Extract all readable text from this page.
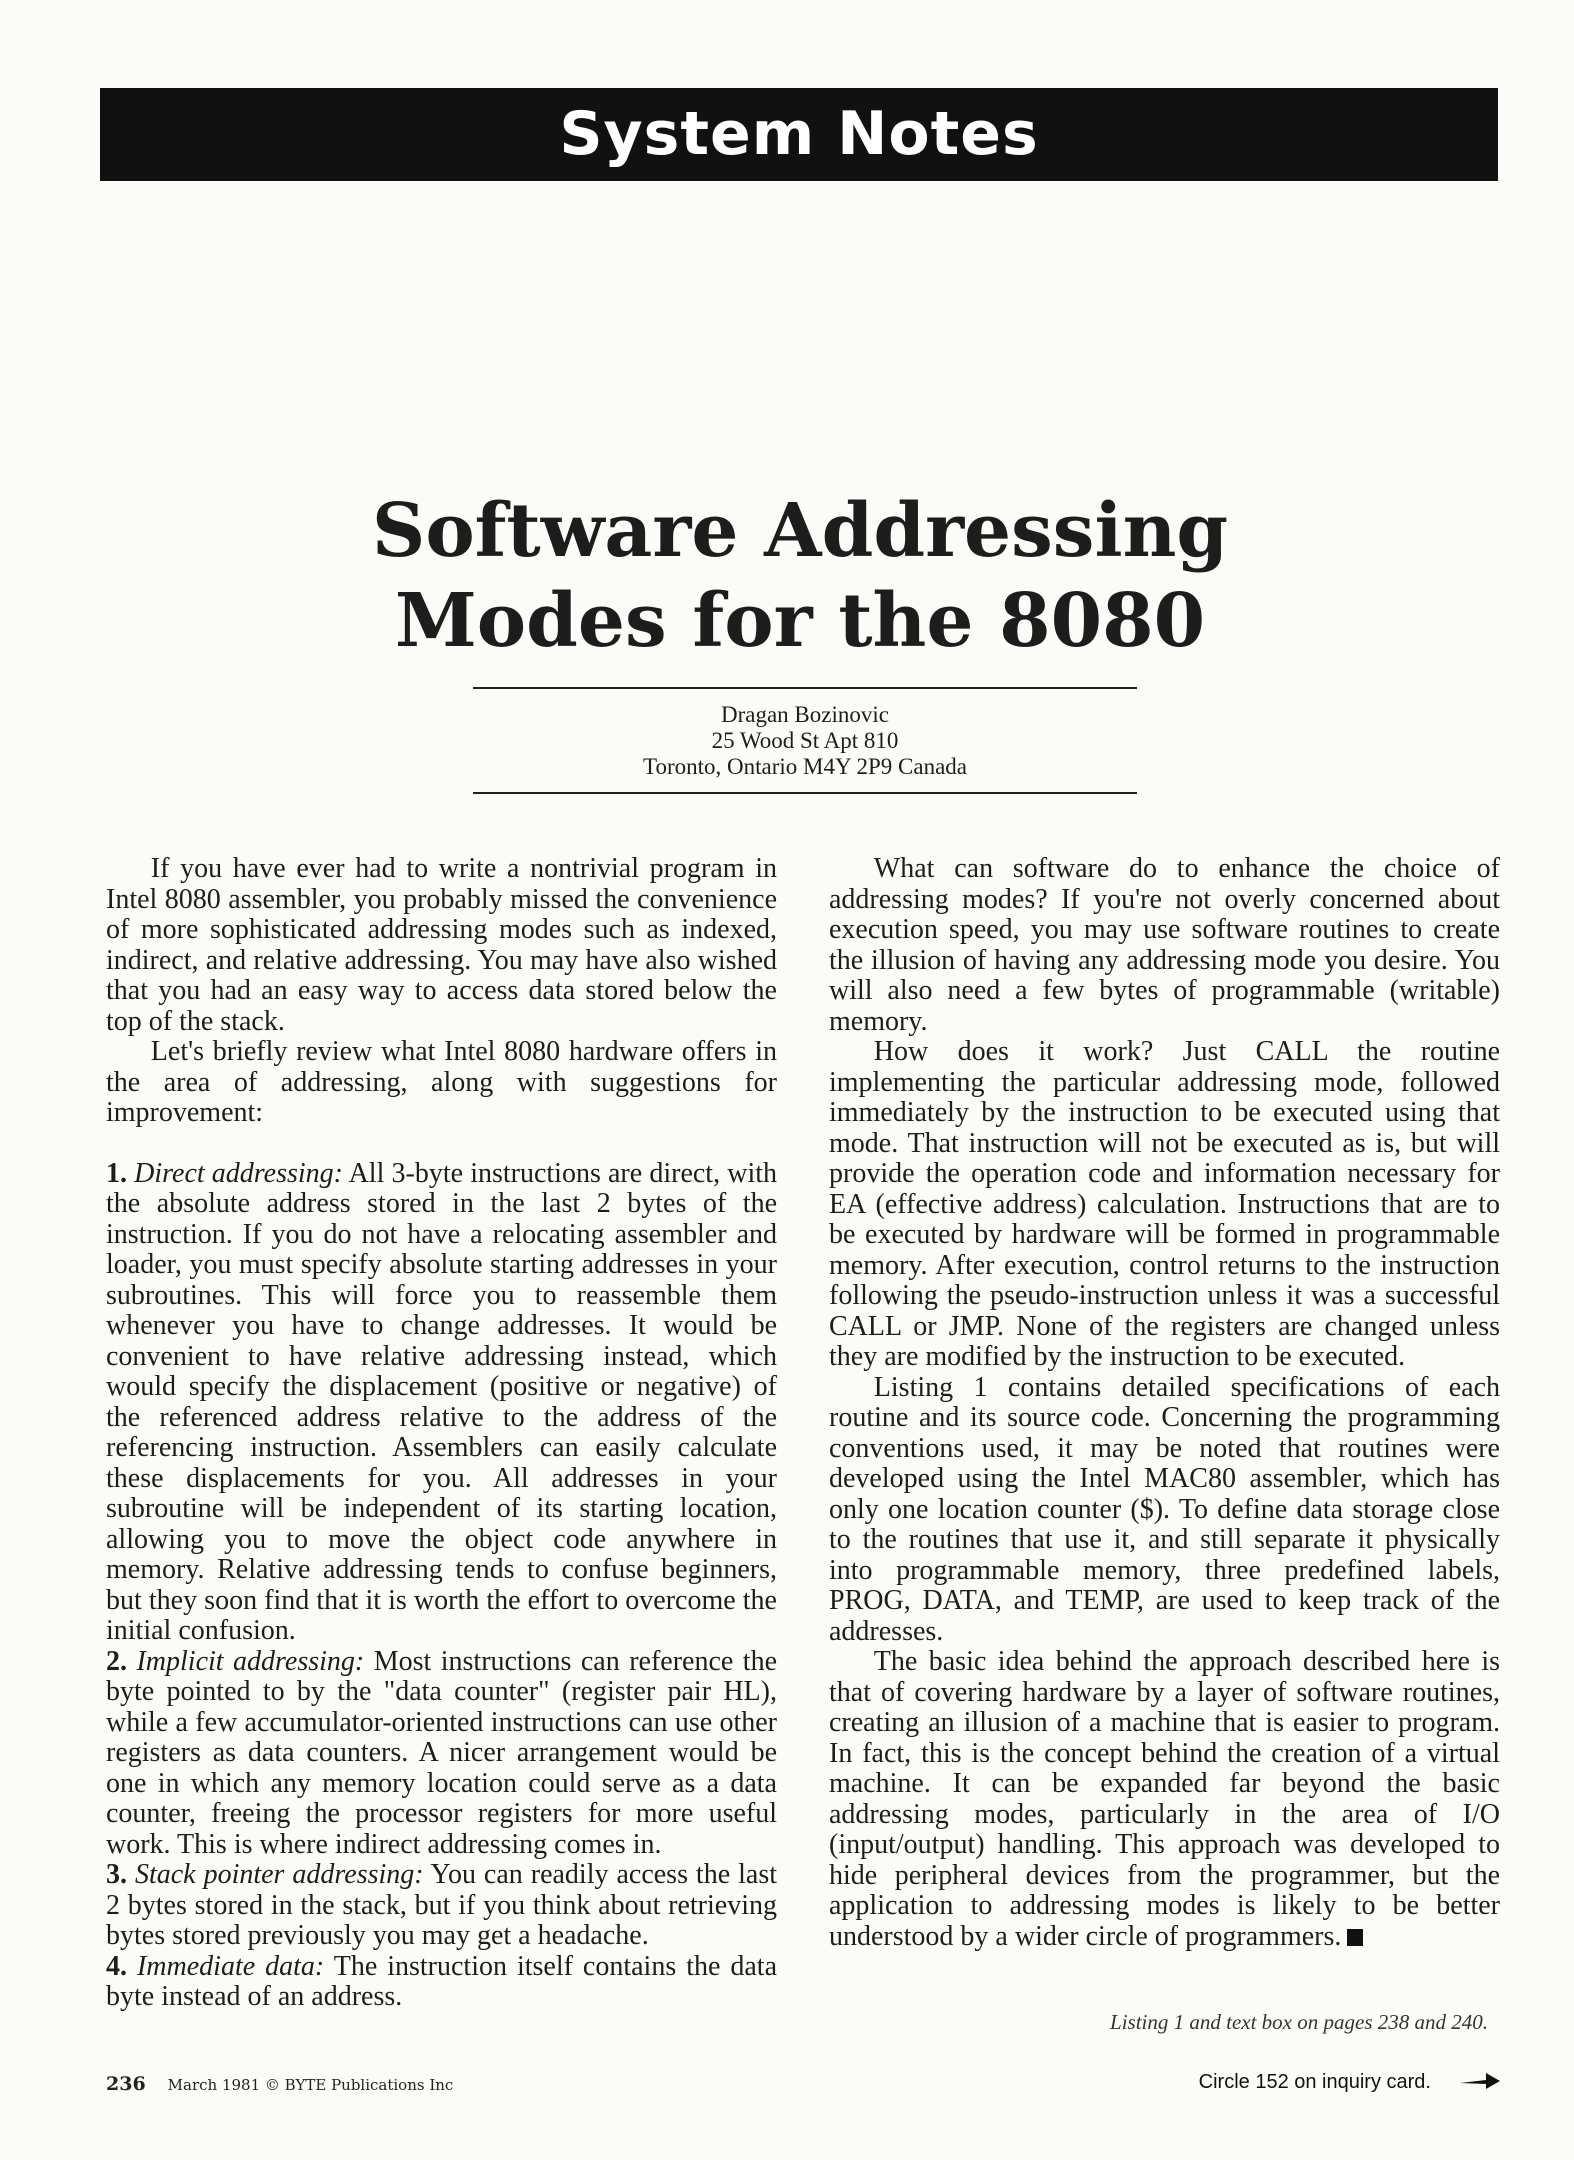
System Notes
Software Addressing
Modes for the 8080
Dragan Bozinovic
25 Wood St Apt 810
Toronto, Ontario M4Y 2P9 Canada

If you have ever had to write a nontrivial program in Intel 8080 assembler, you probably missed the convenience of more sophisticated addressing modes such as indexed, indirect, and relative addressing. You may have also wished that you had an easy way to access data stored below the top of the stack.

Let's briefly review what Intel 8080 hardware offers in the area of addressing, along with suggestions for improvement:

1. Direct addressing: All 3-byte instructions are direct, with the absolute address stored in the last 2 bytes of the instruction. If you do not have a relocating assembler and loader, you must specify absolute starting addresses in your subroutines. This will force you to reassemble them whenever you have to change addresses. It would be convenient to have relative addressing instead, which would specify the displacement (positive or negative) of the referenced address relative to the address of the referencing instruction. Assemblers can easily calculate these displacements for you. All addresses in your subroutine will be independent of its starting location, allowing you to move the object code anywhere in memory. Relative addressing tends to confuse beginners, but they soon find that it is worth the effort to overcome the initial confusion.

2. Implicit addressing: Most instructions can reference the byte pointed to by the "data counter" (register pair HL), while a few accumulator-oriented instructions can use other registers as data counters. A nicer arrangement would be one in which any memory location could serve as a data counter, freeing the processor registers for more useful work. This is where indirect addressing comes in.

3. Stack pointer addressing: You can readily access the last 2 bytes stored in the stack, but if you think about retrieving bytes stored previously you may get a headache.

4. Immediate data: The instruction itself contains the data byte instead of an address.

What can software do to enhance the choice of addressing modes? If you're not overly concerned about execution speed, you may use software routines to create the illusion of having any addressing mode you desire. You will also need a few bytes of programmable (writable) memory.

How does it work? Just CALL the routine implementing the particular addressing mode, followed immediately by the instruction to be executed using that mode. That instruction will not be executed as is, but will provide the operation code and information necessary for EA (effective address) calculation. Instructions that are to be executed by hardware will be formed in programmable memory. After execution, control returns to the instruction following the pseudo-instruction unless it was a successful CALL or JMP. None of the registers are changed unless they are modified by the instruction to be executed.

Listing 1 contains detailed specifications of each routine and its source code. Concerning the programming conventions used, it may be noted that routines were developed using the Intel MAC80 assembler, which has only one location counter ($). To define data storage close to the routines that use it, and still separate it physically into programmable memory, three predefined labels, PROG, DATA, and TEMP, are used to keep track of the addresses.

The basic idea behind the approach described here is that of covering hardware by a layer of software routines, creating an illusion of a machine that is easier to program. In fact, this is the concept behind the creation of a virtual machine. It can be expanded far beyond the basic addressing modes, particularly in the area of I/O (input/output) handling. This approach was developed to hide peripheral devices from the programmer, but the application to addressing modes is likely to be better understood by a wider circle of programmers.

Listing 1 and text box on pages 238 and 240.
236 March 1981 © BYTE Publications Inc	Circle 152 on inquiry card.
